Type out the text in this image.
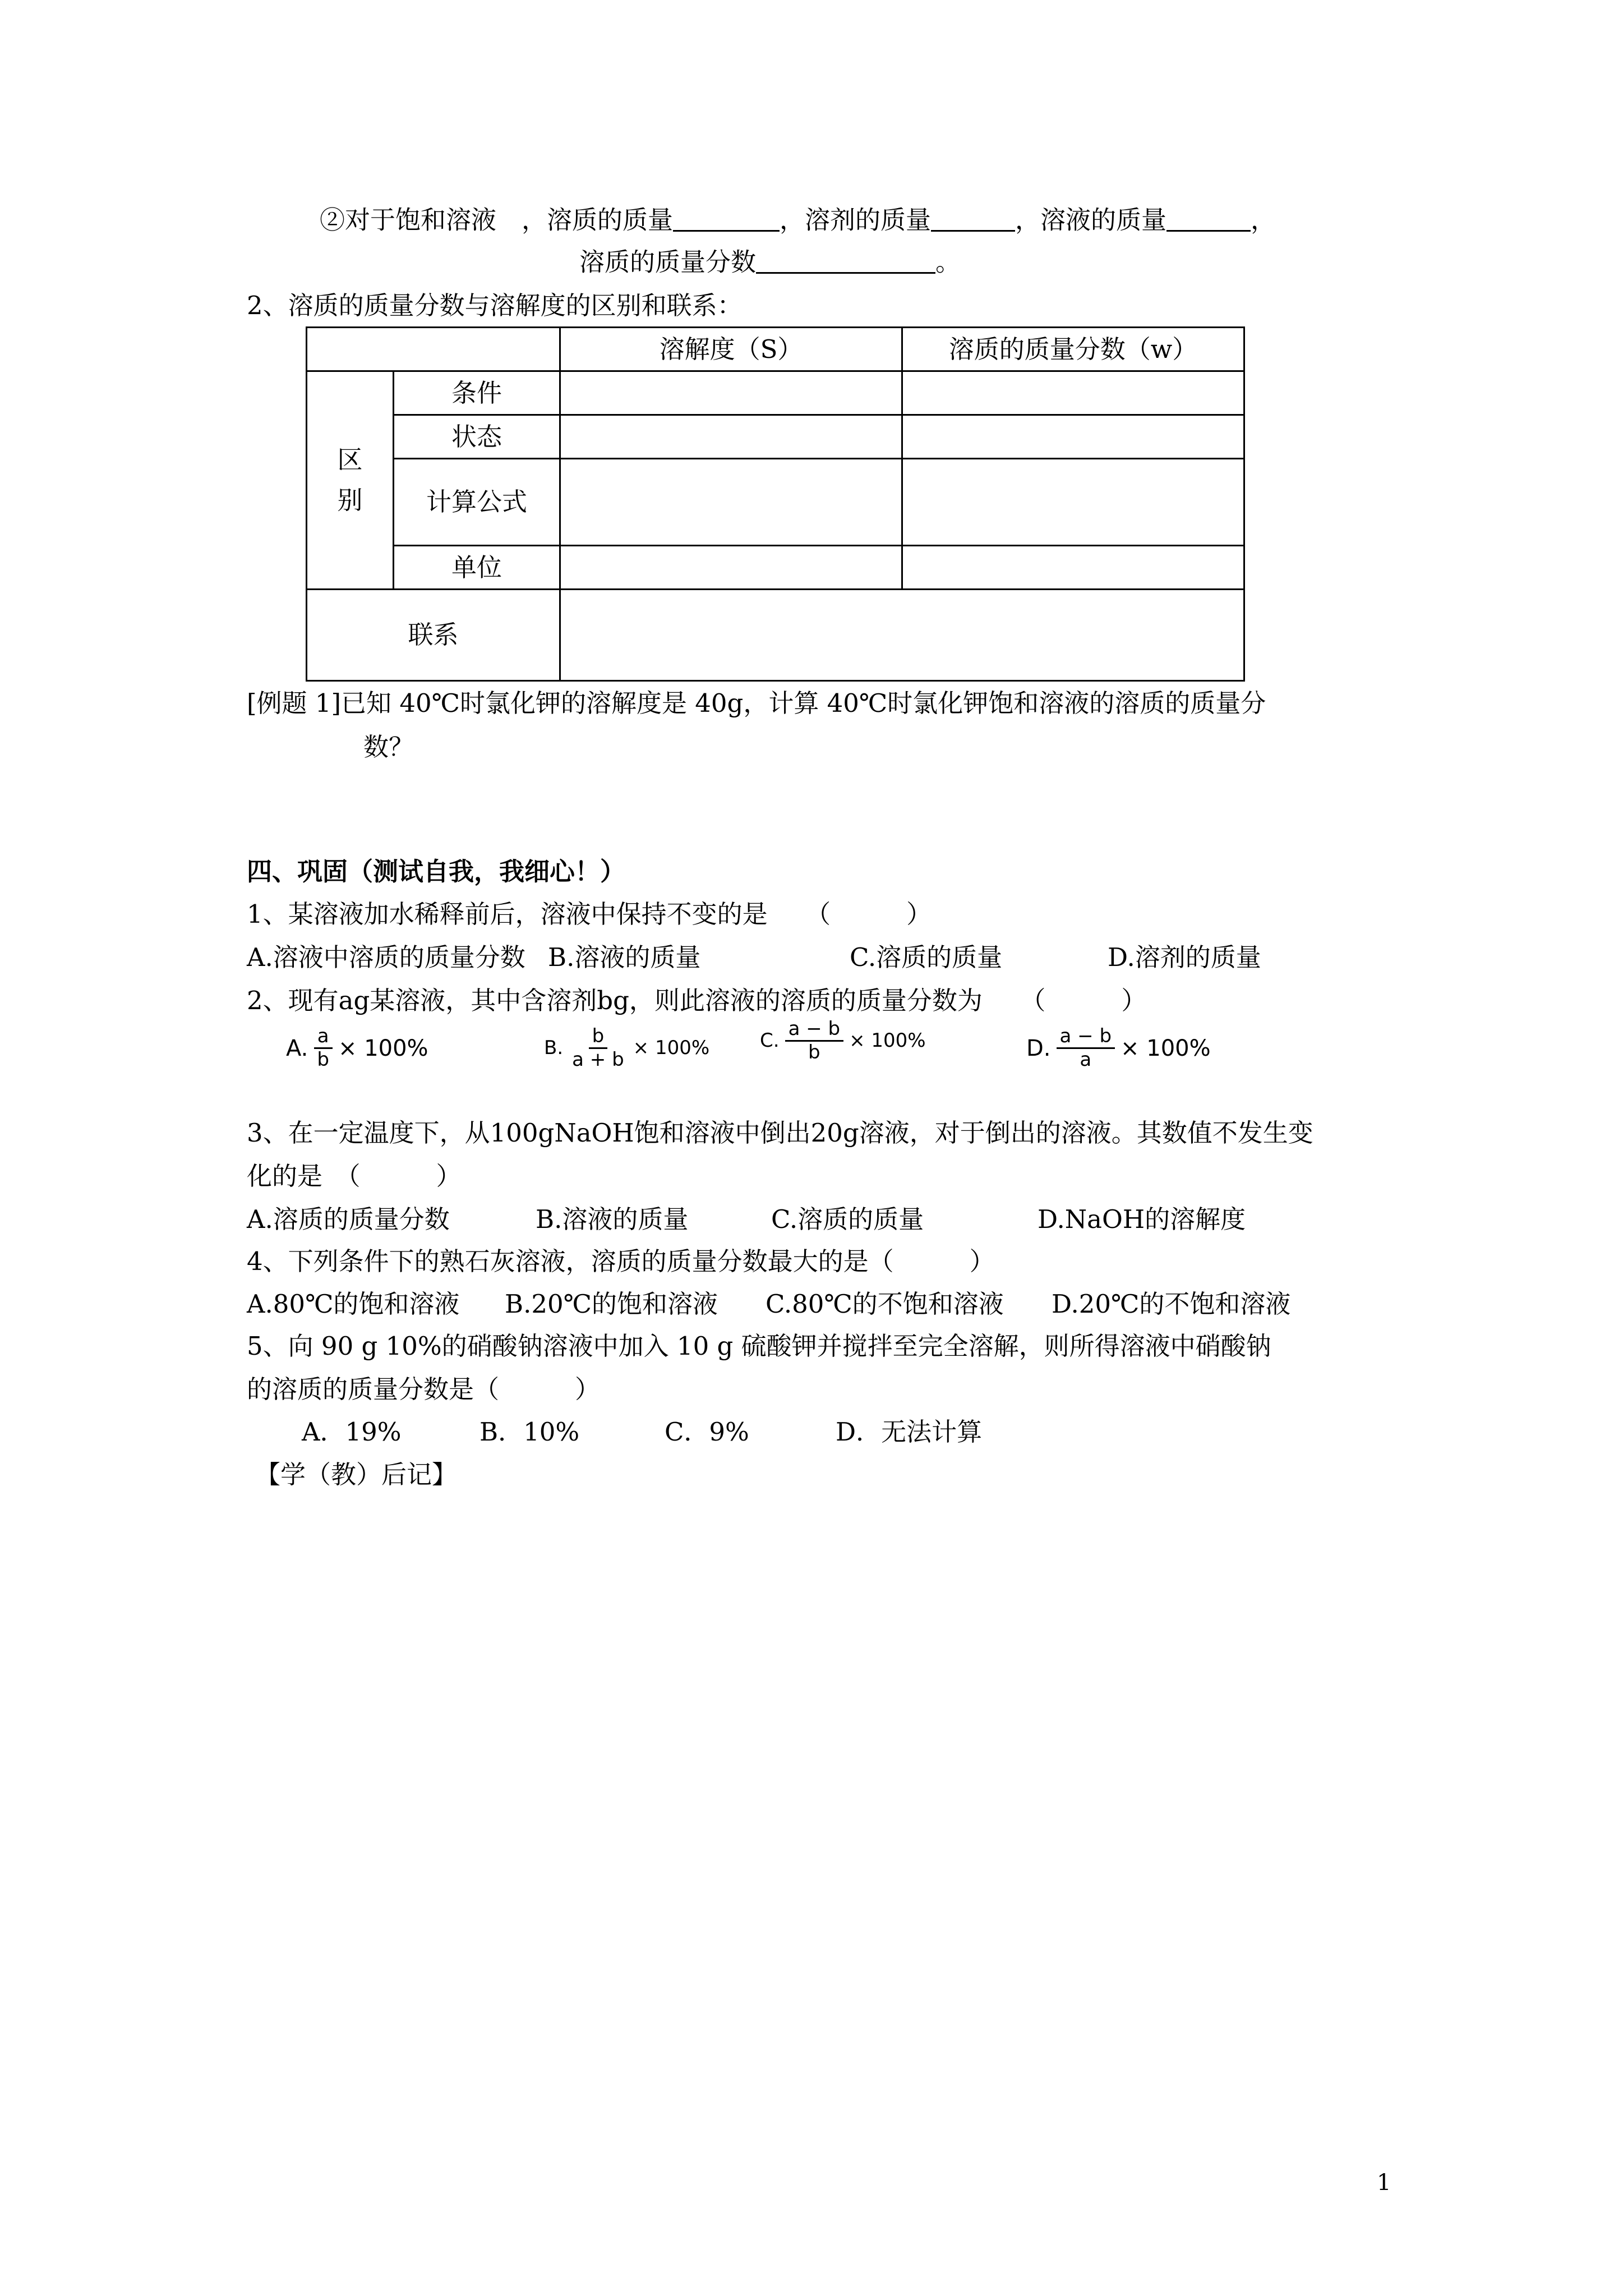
②对于饱和溶液　，溶质的质量	，溶剂的质量	，溶液的质量	，
溶质的质量分数	。
2、溶质的质量分数与溶解度的区别和联系：
		溶解度（S）	溶质的质量分数（w）

区别	条件		
	状态		
	计算公式		
	单位		
联系			
[例题 1]已知 40℃时氯化钾的溶解度是 40g，计算 40℃时氯化钾饱和溶液的溶质的质量分
数？
四、巩固（测试自我，我细心！）
1、某溶液加水稀释前后，溶液中保持不变的是　　（　　　）
A.溶液中溶质的质量分数 B.溶液的质量	C.溶质的质量	D.溶剂的质量
2、现有ag某溶液，其中含溶剂bg，则此溶液的溶质的质量分数为　　（　　　）
A. $\frac{a}{b} \times 100\%$	B. $\frac{b}{a + b} \times 100\%$	C. $\frac{a - b}{b} \times 100\%$	D. $\frac{a - b}{a} \times 100\%$
3、在一定温度下，从100gNaOH饱和溶液中倒出20g溶液，对于倒出的溶液。其数值不发生变
化的是　（　　　）
A.溶质的质量分数	B.溶液的质量	C.溶质的质量	D.NaOH的溶解度
4、下列条件下的熟石灰溶液，溶质的质量分数最大的是（　　　）
A.80℃的饱和溶液 B.20℃的饱和溶液 C.80℃的不饱和溶液 D.20℃的不饱和溶液
5、向 90 g 10%的硝酸钠溶液中加入 10 g 硫酸钾并搅拌至完全溶解，则所得溶液中硝酸钠
的溶质的质量分数是（　　　）
A．19%	B．10%	C．9%	D．无法计算
【学（教）后记】
1
